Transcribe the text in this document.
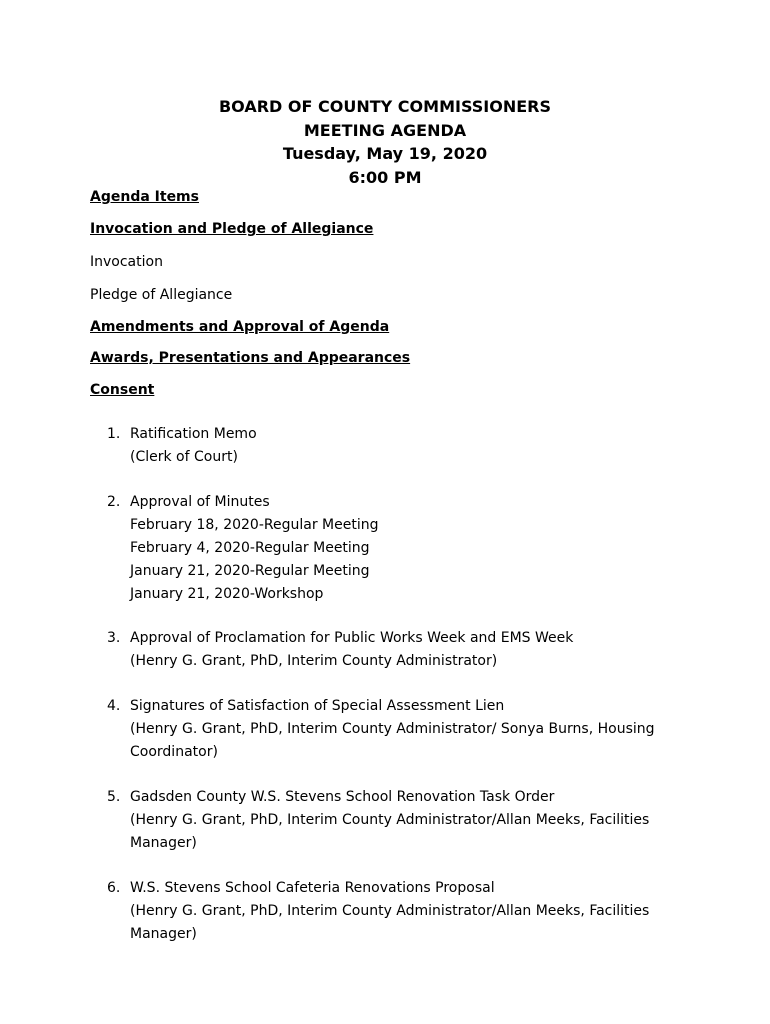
BOARD OF COUNTY COMMISSIONERS
MEETING AGENDA
Tuesday, May 19, 2020
6:00 PM
Agenda Items
Invocation and Pledge of Allegiance
Invocation
Pledge of Allegiance
Amendments and Approval of Agenda
Awards, Presentations and Appearances
Consent
1. Ratification Memo
(Clerk of Court)
2. Approval of Minutes
February 18, 2020-Regular Meeting
February 4, 2020-Regular Meeting
January 21, 2020-Regular Meeting
January 21, 2020-Workshop
3. Approval of Proclamation for Public Works Week and EMS Week
(Henry G. Grant, PhD, Interim County Administrator)
4. Signatures of Satisfaction of Special Assessment Lien
(Henry G. Grant, PhD, Interim County Administrator/ Sonya Burns, Housing
Coordinator)
5. Gadsden County W.S. Stevens School Renovation Task Order
(Henry G. Grant, PhD, Interim County Administrator/Allan Meeks, Facilities
Manager)
6. W.S. Stevens School Cafeteria Renovations Proposal
(Henry G. Grant, PhD, Interim County Administrator/Allan Meeks, Facilities
Manager)
